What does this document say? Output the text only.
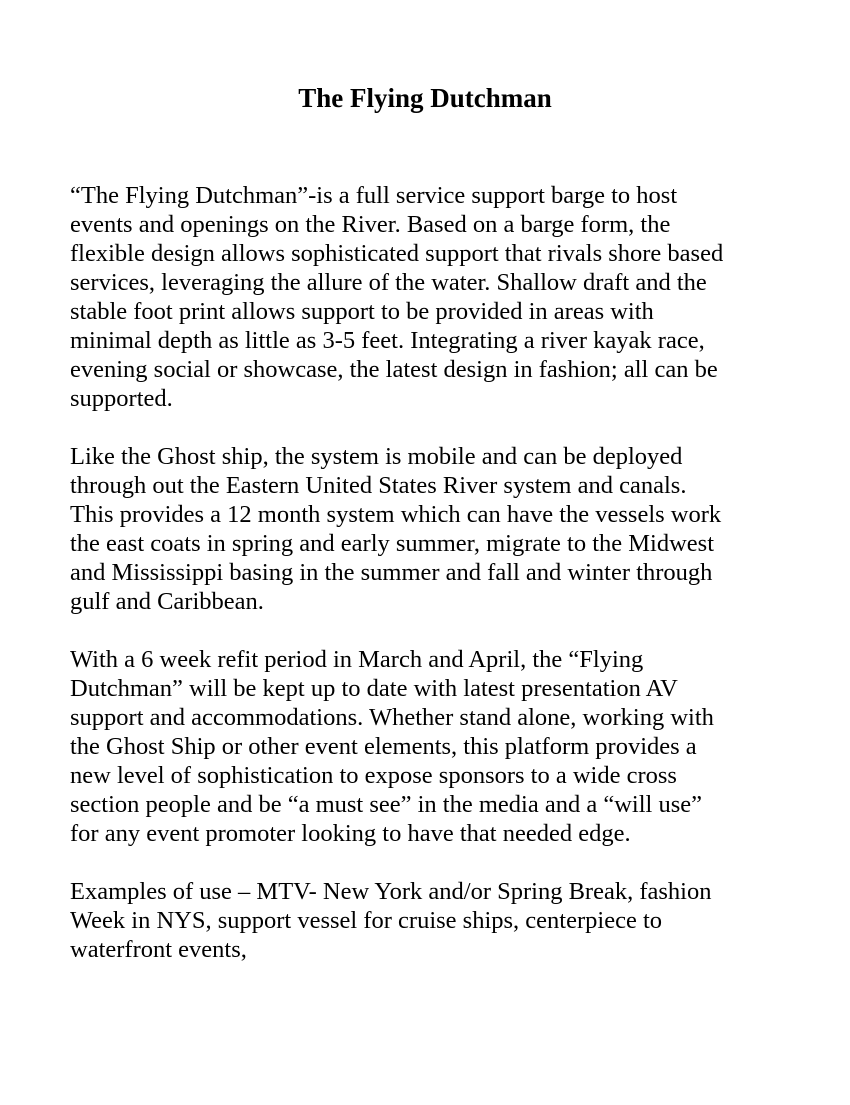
The Flying Dutchman

“The Flying Dutchman”-is a full service support barge to host
events and openings on the River. Based on a barge form, the
flexible design allows sophisticated support that rivals shore based
services, leveraging the allure of the water. Shallow draft and the
stable foot print allows support to be provided in areas with
minimal depth as little as 3-5 feet. Integrating a river kayak race,
evening social or showcase, the latest design in fashion; all can be
supported.

Like the Ghost ship, the system is mobile and can be deployed
through out the Eastern United States River system and canals.
This provides a 12 month system which can have the vessels work
the east coats in spring and early summer, migrate to the Midwest
and Mississippi basing in the summer and fall and winter through
gulf and Caribbean.

With a 6 week refit period in March and April, the “Flying
Dutchman” will be kept up to date with latest presentation AV
support and accommodations. Whether stand alone, working with
the Ghost Ship or other event elements, this platform provides a
new level of sophistication to expose sponsors to a wide cross
section people and be “a must see” in the media and a “will use”
for any event promoter looking to have that needed edge.

Examples of use – MTV- New York and/or Spring Break, fashion
Week in NYS, support vessel for cruise ships, centerpiece to
waterfront events,
